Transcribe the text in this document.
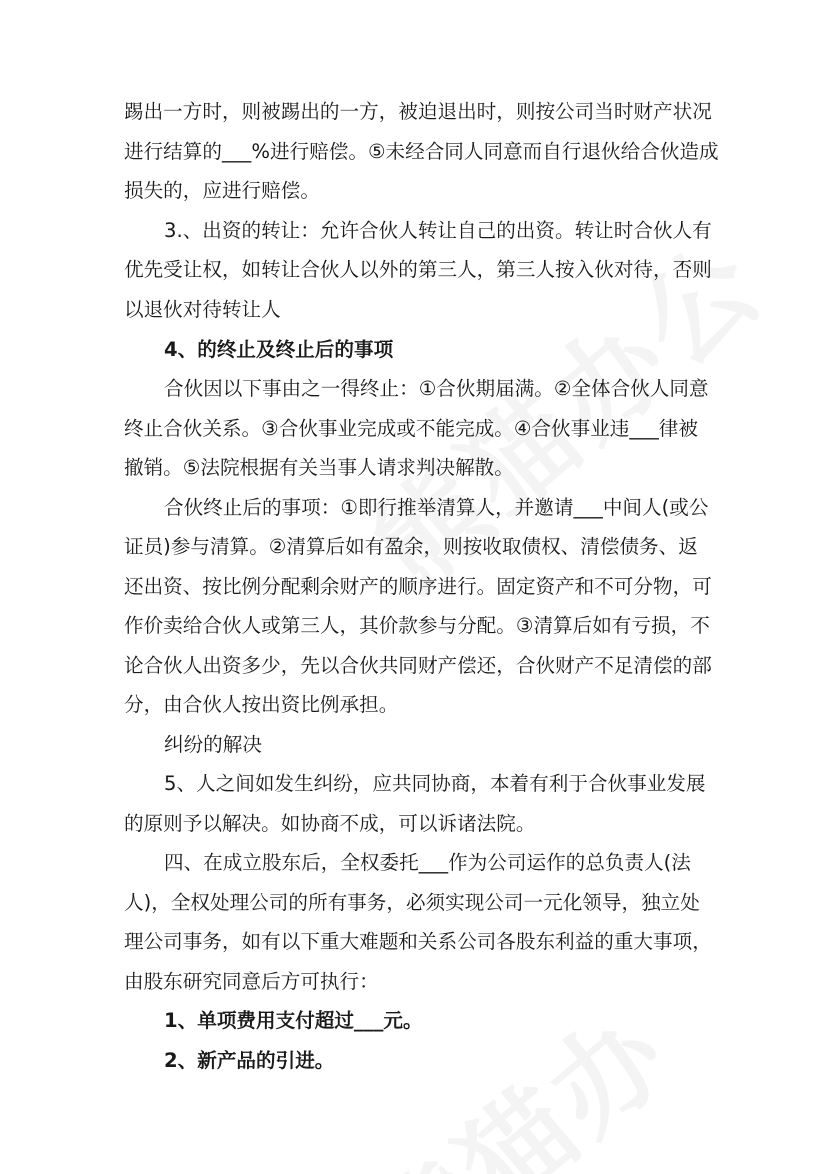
踢出一方时，则被踢出的一方，被迫退出时，则按公司当时财产状况
进行结算的___%进行赔偿。⑤未经合同人同意而自行退伙给合伙造成
损失的，应进行赔偿。
3.、出资的转让：允许合伙人转让自己的出资。转让时合伙人有
优先受让权，如转让合伙人以外的第三人，第三人按入伙对待，否则
以退伙对待转让人
4、的终止及终止后的事项
合伙因以下事由之一得终止：①合伙期届满。②全体合伙人同意
终止合伙关系。③合伙事业完成或不能完成。④合伙事业违___律被
撤销。⑤法院根据有关当事人请求判决解散。
合伙终止后的事项：①即行推举清算人，并邀请___中间人(或公
证员)参与清算。②清算后如有盈余，则按收取债权、清偿债务、返
还出资、按比例分配剩余财产的顺序进行。固定资产和不可分物，可
作价卖给合伙人或第三人，其价款参与分配。③清算后如有亏损，不
论合伙人出资多少，先以合伙共同财产偿还，合伙财产不足清偿的部
分，由合伙人按出资比例承担。
纠纷的解决
5、人之间如发生纠纷，应共同协商，本着有利于合伙事业发展
的原则予以解决。如协商不成，可以诉诸法院。
四、在成立股东后，全权委托___作为公司运作的总负责人(法
人)，全权处理公司的所有事务，必须实现公司一元化领导，独立处
理公司事务，如有以下重大难题和关系公司各股东利益的重大事项，
由股东研究同意后方可执行：
1、单项费用支付超过___元。
2、新产品的引进。
